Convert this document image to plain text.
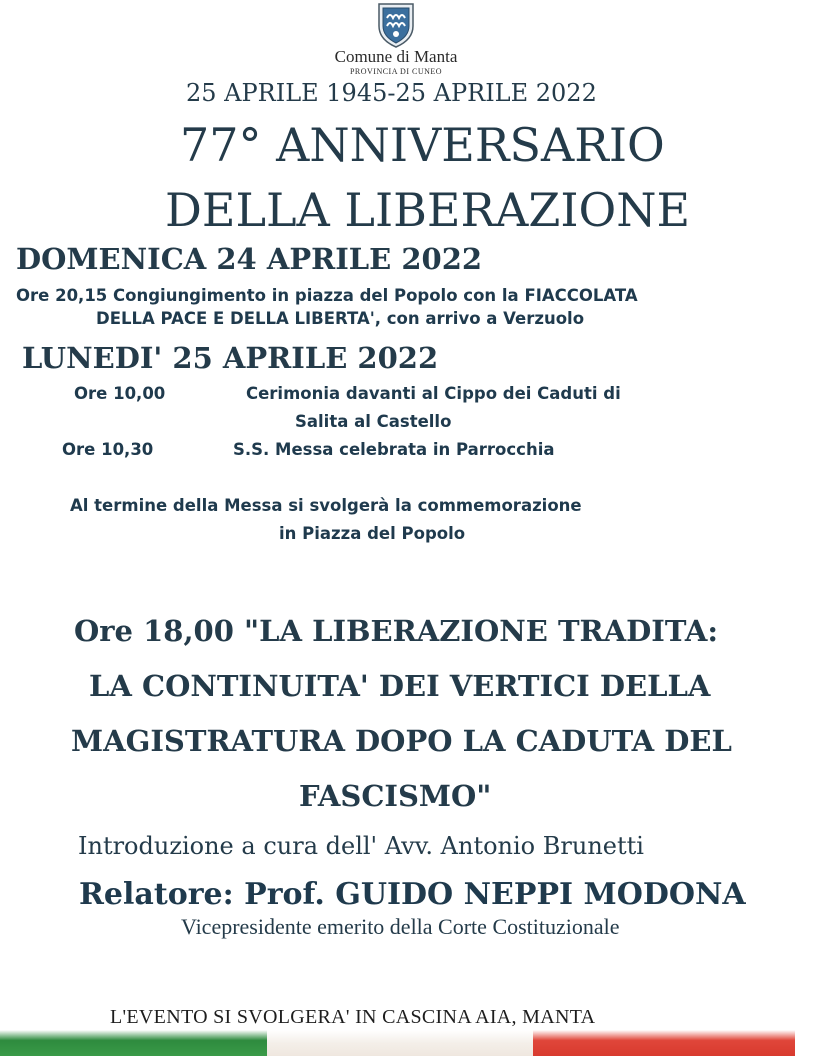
Comune di Manta
PROVINCIA DI CUNEO
25 APRILE 1945-25 APRILE 2022
77° ANNIVERSARIO
DELLA LIBERAZIONE
DOMENICA 24 APRILE 2022
Ore 20,15 Congiungimento in piazza del Popolo con la FIACCOLATA
DELLA PACE E DELLA LIBERTA', con arrivo a Verzuolo
LUNEDI' 25 APRILE 2022
Ore 10,00	Cerimonia davanti al Cippo dei Caduti di
Salita al Castello
Ore 10,30	S.S. Messa celebrata in Parrocchia
Al termine della Messa si svolgerà la commemorazione
in Piazza del Popolo
Ore 18,00 "LA LIBERAZIONE TRADITA:
LA CONTINUITA' DEI VERTICI DELLA
MAGISTRATURA DOPO LA CADUTA DEL
FASCISMO"
Introduzione a cura dell' Avv. Antonio Brunetti
Relatore: Prof. GUIDO NEPPI MODONA
Vicepresidente emerito della Corte Costituzionale
L'EVENTO SI SVOLGERA' IN CASCINA AIA, MANTA
